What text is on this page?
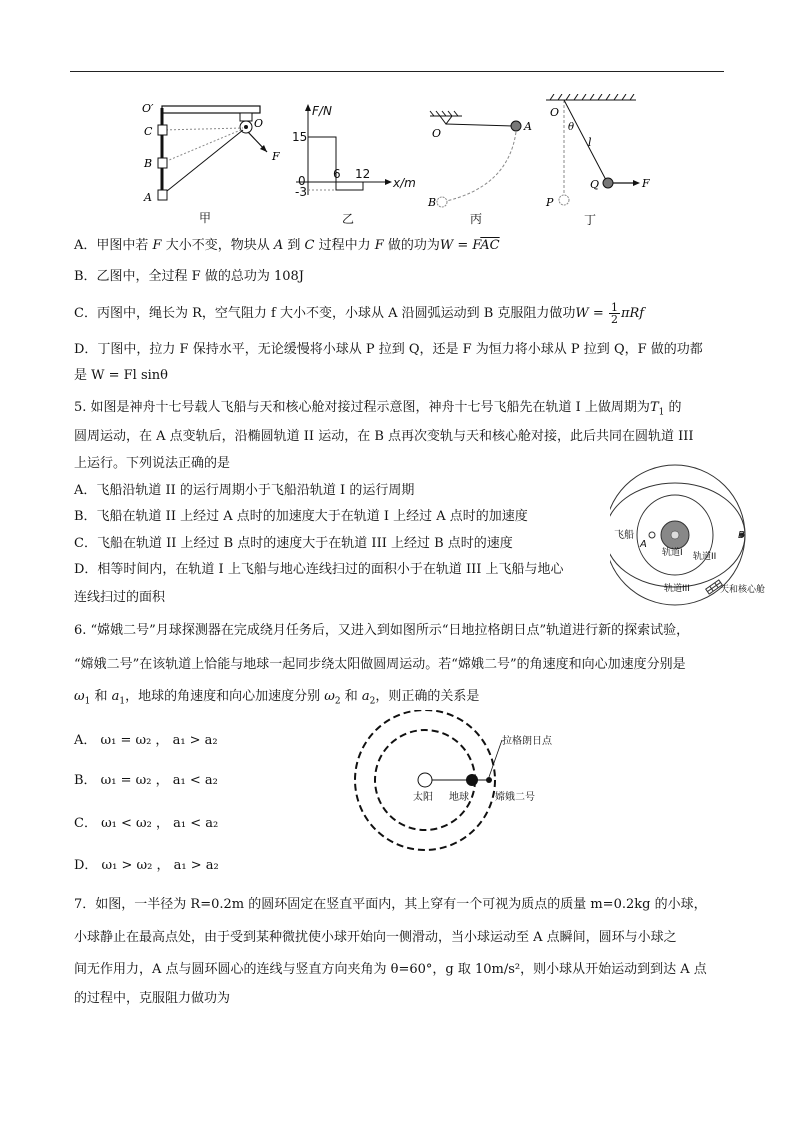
O′
C
B
A
O
F
甲
F/N
x/m
15
0
-3
6 12
乙
O
A
B
丙
O
θ
l
Q	F
P
丁
A．甲图中若 F 大小不变，物块从 A 到 C 过程中力 F 做的功为$W = F\overline{AC}$
B．乙图中，全过程 F 做的总功为 108J
C．丙图中，绳长为 R，空气阻力 f 大小不变，小球从 A 沿圆弧运动到 B 克服阻力做功$W = \frac{1}{2}$ πRf
D．丁图中，拉力 F 保持水平，无论缓慢将小球从 P 拉到 Q，还是 F 为恒力将小球从 P 拉到 Q，F 做的功都
是 W = Fl sinθ
5. 如图是神舟十七号载人飞船与天和核心舱对接过程示意图，神舟十七号飞船先在轨道 I 上做周期为$T_1$ 的
圆周运动，在 A 点变轨后，沿椭圆轨道 II 运动，在 B 点再次变轨与天和核心舱对接，此后共同在圆轨道 III
上运行。下列说法正确的是
A．飞船沿轨道 II 的运行周期小于飞船沿轨道 I 的运行周期
B．飞船在轨道 II 上经过 A 点时的加速度大于在轨道 I 上经过 A 点时的加速度
C．飞船在轨道 II 上经过 B 点时的速度大于在轨道 III 上经过 B 点时的速度
D．相等时间内，在轨道 I 上飞船与地心连线扫过的面积小于在轨道 III 上飞船与地心
连线扫过的面积
飞船
A
B
轨道I 轨道II
轨道III	天和核心舱
6. “嫦娥二号”月球探测器在完成绕月任务后，又进入到如图所示“日地拉格朗日点”轨道进行新的探索试验，
“嫦娥二号”在该轨道上恰能与地球一起同步绕太阳做圆周运动。若“嫦娥二号”的角速度和向心加速度分别是
$\omega_1$ 和 $a_1$，地球的角速度和向心加速度分别 $\omega_2$ 和 $a_2$，则正确的关系是
A． ω₁ = ω₂ ， a₁ > a₂
B． ω₁ = ω₂ ， a₁ < a₂
C． ω₁ < ω₂ ， a₁ < a₂
D． ω₁ > ω₂ ， a₁ > a₂
拉格朗日点
太阳 地球	嫦娥二号
7．如图，一半径为 R=0.2m 的圆环固定在竖直平面内，其上穿有一个可视为质点的质量 m=0.2kg 的小球，
小球静止在最高点处，由于受到某种微扰使小球开始向一侧滑动，当小球运动至 A 点瞬间，圆环与小球之
间无作用力，A 点与圆环圆心的连线与竖直方向夹角为 θ=60°，g 取 10m/s²，则小球从开始运动到到达 A 点
的过程中，克服阻力做功为
